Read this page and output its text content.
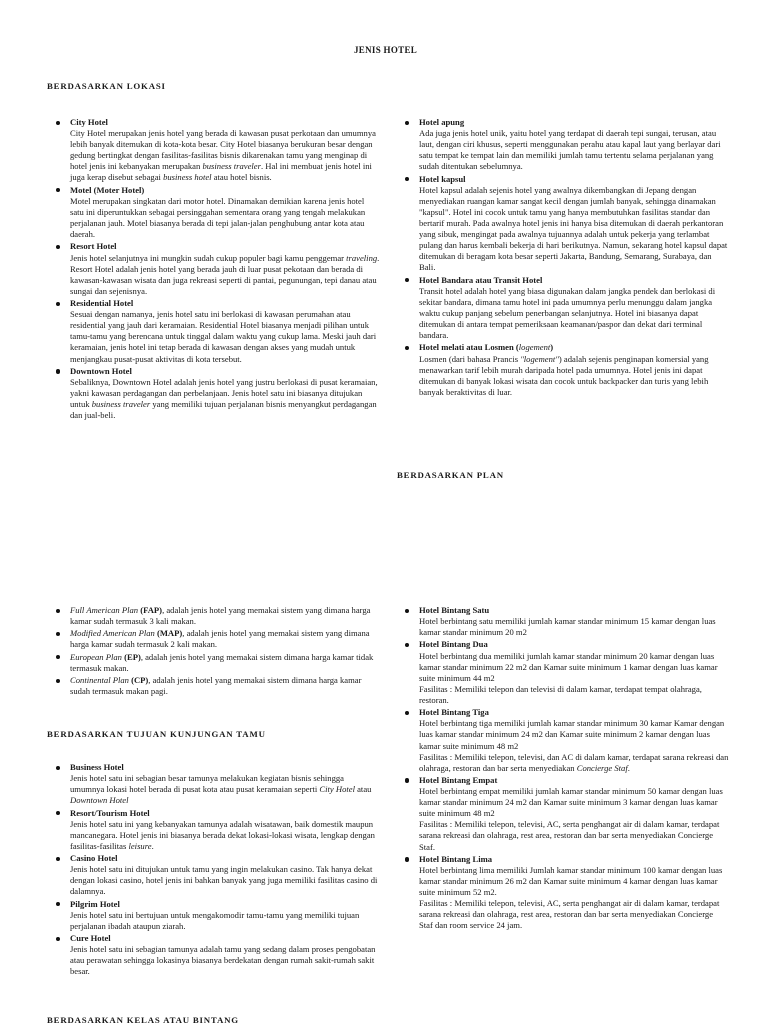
JENIS HOTEL
BERDASARKAN LOKASI
City Hotel
City Hotel merupakan jenis hotel yang berada di kawasan pusat perkotaan dan umumnya lebih banyak ditemukan di kota-kota besar. City Hotel biasanya berukuran besar dengan gedung bertingkat dengan fasilitas-fasilitas bisnis dikarenakan tamu yang menginap di hotel jenis ini kebanyakan merupakan business traveler. Hal ini membuat jenis hotel ini juga kerap disebut sebagai business hotel atau hotel bisnis.
Motel (Moter Hotel)
Motel merupakan singkatan dari motor hotel. Dinamakan demikian karena jenis hotel satu ini diperuntukkan sebagai persinggahan sementara orang yang tengah melakukan perjalanan jauh. Motel biasanya berada di tepi jalan-jalan penghubung antar kota atau daerah.
Resort Hotel
Jenis hotel selanjutnya ini mungkin sudah cukup populer bagi kamu penggemar traveling. Resort Hotel adalah jenis hotel yang berada jauh di luar pusat pekotaan dan berada di kawasan-kawasan wisata dan juga rekreasi seperti di pantai, pegunungan, tepi danau atau sungai dan sejenisnya.
Residential Hotel
Sesuai dengan namanya, jenis hotel satu ini berlokasi di kawasan perumahan atau residential yang jauh dari keramaian. Residential Hotel biasanya menjadi pilihan untuk tamu-tamu yang berencana untuk tinggal dalam waktu yang cukup lama. Meski jauh dari keramaian, jenis hotel ini tetap berada di kawasan dengan akses yang mudah untuk menjangkau pusat-pusat aktivitas di kota tersebut.
Downtown Hotel
Sebaliknya, Downtown Hotel adalah jenis hotel yang justru berlokasi di pusat keramaian, yakni kawasan perdagangan dan perbelanjaan. Jenis hotel satu ini biasanya ditujukan untuk business traveler yang memiliki tujuan perjalanan bisnis menyangkut perdagangan dan jual-beli.
Hotel apung
Ada juga jenis hotel unik, yaitu hotel yang terdapat di daerah tepi sungai, terusan, atau laut, dengan ciri khusus, seperti menggunakan perahu atau kapal laut yang berlayar dari satu tempat ke tempat lain dan memiliki jumlah tamu tertentu selama perjalanan yang sudah ditentukan sebelumnya.
Hotel kapsul
Hotel kapsul adalah sejenis hotel yang awalnya dikembangkan di Jepang dengan menyediakan ruangan kamar sangat kecil dengan jumlah banyak, sehingga dinamakan "kapsul". Hotel ini cocok untuk tamu yang hanya membutuhkan fasilitas standar dan bertarif murah. Pada awalnya hotel jenis ini hanya bisa ditemukan di daerah perkantoran yang sibuk, mengingat pada awalnya tujuannya adalah untuk pekerja yang terlambat pulang dan harus kembali bekerja di hari berikutnya. Namun, sekarang hotel kapsul dapat ditemukan di beragam kota besar seperti Jakarta, Bandung, Semarang, Surabaya, dan Bali.
Hotel Bandara atau Transit Hotel
Transit hotel adalah hotel yang biasa digunakan dalam jangka pendek dan berlokasi di sekitar bandara, dimana tamu hotel ini pada umumnya perlu menunggu dalam jangka waktu cukup panjang sebelum penerbangan selanjutnya. Hotel ini biasanya dapat ditemukan di antara tempat pemeriksaan keamanan/paspor dan dekat dari terminal bandara.
Hotel melati atau Losmen (logement)
Losmen (dari bahasa Prancis "logement") adalah sejenis penginapan komersial yang menawarkan tarif lebih murah daripada hotel pada umumnya. Hotel jenis ini dapat ditemukan di banyak lokasi wisata dan cocok untuk backpacker dan turis yang lebih banyak beraktivitas di luar.
BERDASARKAN PLAN
Full American Plan (FAP), adalah jenis hotel yang memakai sistem yang dimana harga kamar sudah termasuk 3 kali makan.
Modified American Plan (MAP), adalah jenis hotel yang memakai sistem yang dimana harga kamar sudah termasuk 2 kali makan.
European Plan (EP), adalah jenis hotel yang memakai sistem dimana harga kamar tidak termasuk makan.
Continental Plan (CP), adalah jenis hotel yang memakai sistem dimana harga kamar sudah termasuk makan pagi.
BERDASARKAN TUJUAN KUNJUNGAN TAMU
Business Hotel
Jenis hotel satu ini sebagian besar tamunya melakukan kegiatan bisnis sehingga umumnya lokasi hotel berada di pusat kota atau pusat keramaian seperti City Hotel atau Downtown Hotel
Resort/Tourism Hotel
Jenis hotel satu ini yang kebanyakan tamunya adalah wisatawan, baik domestik maupun mancanegara. Hotel jenis ini biasanya berada dekat lokasi-lokasi wisata, lengkap dengan fasilitas-fasilitas leisure.
Casino Hotel
Jenis hotel satu ini ditujukan untuk tamu yang ingin melakukan casino. Tak hanya dekat dengan lokasi casino, hotel jenis ini bahkan banyak yang juga memiliki fasilitas casino di dalamnya.
Pilgrim Hotel
Jenis hotel satu ini bertujuan untuk mengakomodir tamu-tamu yang memiliki tujuan perjalanan ibadah ataupun ziarah.
Cure Hotel
Jenis hotel satu ini sebagian tamunya adalah tamu yang sedang dalam proses pengobatan atau perawatan sehingga lokasinya biasanya berdekatan dengan rumah sakit-rumah sakit besar.
BERDASARKAN KELAS ATAU BINTANG
Hotel Bintang Satu
Hotel berbintang satu memiliki jumlah kamar standar minimum 15 kamar dengan luas kamar standar minimum 20 m2
Hotel Bintang Dua
Hotel berbintang dua memiliki jumlah kamar standar minimum 20 kamar dengan luas kamar standar minimum 22 m2 dan Kamar suite minimum 1 kamar dengan luas kamar suite minimum 44 m2
Fasilitas : Memiliki telepon dan televisi di dalam kamar, terdapat tempat olahraga, restoran.
Hotel Bintang Tiga
Hotel berbintang tiga memiliki jumlah kamar standar minimum 30 kamar Kamar dengan luas kamar standar minimum 24 m2 dan Kamar suite minimum 2 kamar dengan luas kamar suite minimum 48 m2
Fasilitas : Memiliki telepon, televisi, dan AC di dalam kamar, terdapat sarana rekreasi dan olahraga, restoran dan bar serta menyediakan Concierge Staf.
Hotel Bintang Empat
Hotel berbintang empat memiliki jumlah kamar standar minimum 50 kamar dengan luas kamar standar minimum 24 m2 dan Kamar suite minimum 3 kamar dengan luas kamar suite minimum 48 m2
Fasilitas : Memiliki telepon, televisi, AC, serta penghangat air di dalam kamar, terdapat sarana rekreasi dan olahraga, rest area, restoran dan bar serta menyediakan Concierge Staf.
Hotel Bintang Lima
Hotel berbintang lima memiliki Jumlah kamar standar minimum 100 kamar dengan luas kamar standar minimum 26 m2 dan Kamar suite minimum 4 kamar dengan luas kamar suite minimum 52 m2.
Fasilitas : Memiliki telepon, televisi, AC, serta penghangat air di dalam kamar, terdapat sarana rekreasi dan olahraga, rest area, restoran dan bar serta menyediakan Concierge Staf dan room service 24 jam.
